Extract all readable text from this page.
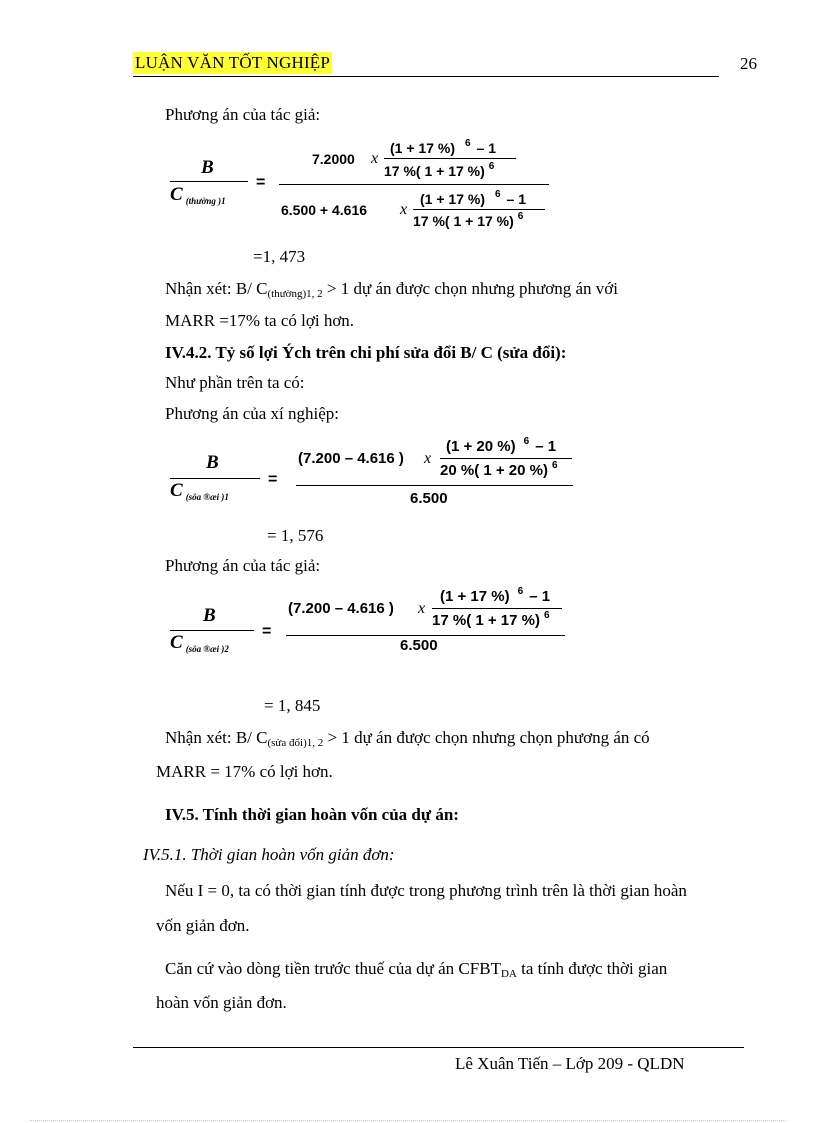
LUẬN VĂN TỐT NGHIỆP	26
Phương án của tác giả:
B
C $_{(thường )1}$
=
7.2000 x
(1 + 17 %) $^6$ – 1
17 %( 1 + 17 %) $^6$
6.500 + 4.616 x
(1 + 17 %) $^6$ – 1
17 %( 1 + 17 %) $^6$
=1, 473
Nhận xét: B/ $C_{(thường)1, 2} > 1$ dự án được chọn nhưng phương án với
MARR =17% ta có lợi hơn.
IV.4.2. Tỷ số lợi Ých trên chi phí sửa đổi B/ C (sửa đổi):
Như phần trên ta có:
Phương án của xí nghiệp:
B
C $_{(söa ®æi )1}$
=
(7.200 – 4.616 ) x
(1 + 20 %) $^6$ – 1
20 %( 1 + 20 %) $^6$
6.500
= 1, 576
Phương án của tác giả:
B
C $_{(söa ®æi )2}$
=
(7.200 – 4.616 ) x
(1 + 17 %) $^6$ – 1
17 %( 1 + 17 %) $^6$
6.500
= 1, 845
Nhận xét: B/ $C_{(sửa đổi)1, 2} > 1$ dự án được chọn nhưng chọn phương án có
MARR = 17% có lợi hơn.
IV.5. Tính thời gian hoàn vốn của dự án:
IV.5.1. Thời gian hoàn vốn giản đơn:
Nếu I = 0, ta có thời gian tính được trong phương trình trên là thời gian hoàn
vốn giản đơn.
Căn cứ vào dòng tiền trước thuế của dự án $CFBT_{DA}$ ta tính được thời gian
hoàn vốn giản đơn.
Lê Xuân Tiến – Lớp 209 - QLDN
